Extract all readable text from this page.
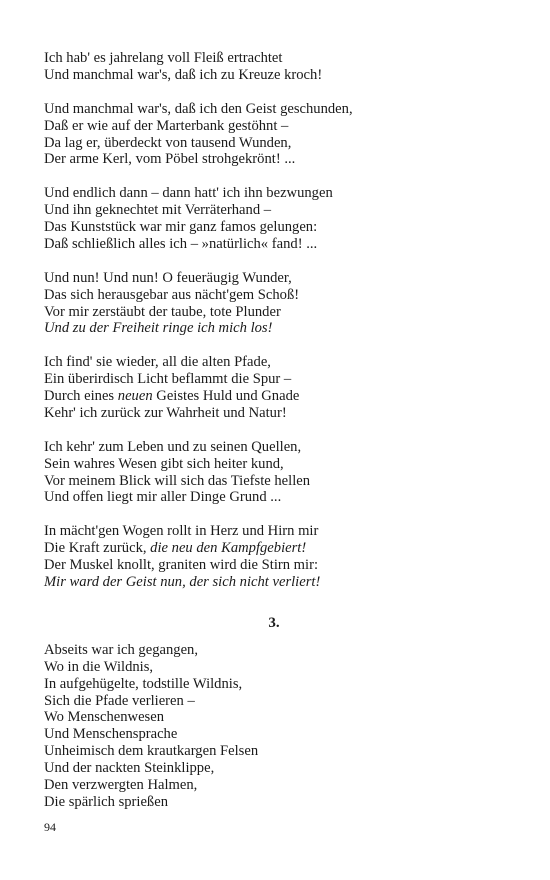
Ich hab' es jahrelang voll Fleiß ertrachtet
Und manchmal war's, daß ich zu Kreuze kroch!
Und manchmal war's, daß ich den Geist geschunden,
Daß er wie auf der Marterbank gestöhnt –
Da lag er, überdeckt von tausend Wunden,
Der arme Kerl, vom Pöbel strohgekrönt! ...
Und endlich dann – dann hatt' ich ihn bezwungen
Und ihn geknechtet mit Verräterhand –
Das Kunststück war mir ganz famos gelungen:
Daß schließlich alles ich – »natürlich« fand! ...
Und nun! Und nun! O feueräugig Wunder,
Das sich herausgebar aus nächt'gem Schoß!
Vor mir zerstäubt der taube, tote Plunder
Und zu der Freiheit ringe ich mich los!
Ich find' sie wieder, all die alten Pfade,
Ein überirdisch Licht beflammt die Spur –
Durch eines neuen Geistes Huld und Gnade
Kehr' ich zurück zur Wahrheit und Natur!
Ich kehr' zum Leben und zu seinen Quellen,
Sein wahres Wesen gibt sich heiter kund,
Vor meinem Blick will sich das Tiefste hellen
Und offen liegt mir aller Dinge Grund ...
In mächt'gen Wogen rollt in Herz und Hirn mir
Die Kraft zurück, die neu den Kampfgebiert!
Der Muskel knollt, graniten wird die Stirn mir:
Mir ward der Geist nun, der sich nicht verliert!
3.
Abseits war ich gegangen,
Wo in die Wildnis,
In aufgehügelte, todstille Wildnis,
Sich die Pfade verlieren –
Wo Menschenwesen
Und Menschensprache
Unheimisch dem krautkargen Felsen
Und der nackten Steinklippe,
Den verzwergten Halmen,
Die spärlich sprießen
94
